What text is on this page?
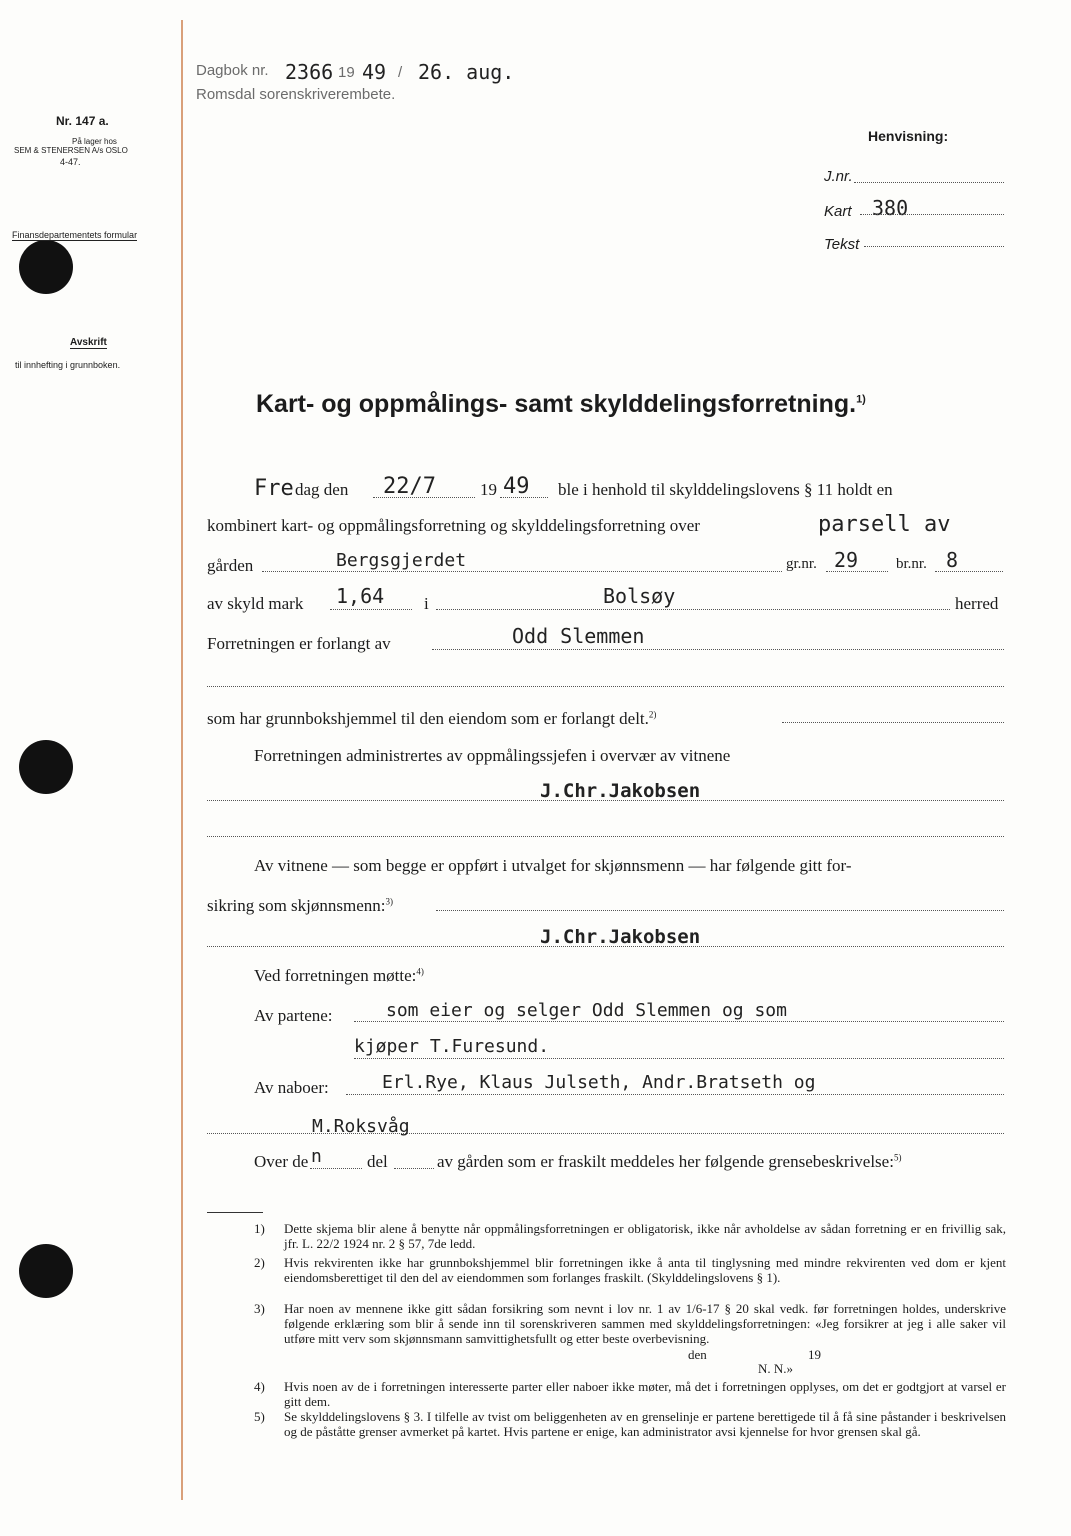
Nr. 147 a.
På lager hos
SEM & STENERSEN A/s OSLO
4-47.
Finansdepartementets formular
Avskrift
til innhefting i grunnboken.
Dagbok nr. 2366 19 49 / 26. aug.
Romsdal sorenskriverembete.
Henvisning:
J.nr.
Kart 380
Tekst
Kart- og oppmålings- samt skylddelingsforretning.$^{1)}$
Fre dag den 22/7	19 49 ble i henhold til skylddelingslovens § 11 holdt en
kombinert kart- og oppmålingsforretning og skylddelingsforretning over	parsell av
gården	Bergsgjerdet	gr.nr. 29	br.nr. 8
av skyld mark 1,64 i	Bolsøy	herred
Forretningen er forlangt av	Odd Slemmen
som har grunnbokshjemmel til den eiendom som er forlangt delt.$^{2)}$
Forretningen administrertes av oppmålingssjefen i overvær av vitnene
J.Chr.Jakobsen
Av vitnene — som begge er oppført i utvalget for skjønnsmenn — har følgende gitt for-
sikring som skjønnsmenn:$^{3)}$
J.Chr.Jakobsen
Ved forretningen møtte:$^{4)}$
Av partene:	som eier og selger Odd Slemmen og som
kjøper T.Furesund.
Av naboer:	Erl.Rye, Klaus Julseth, Andr.Bratseth og
M.Roksvåg
Over de n	del	av gården som er fraskilt meddeles her følgende grensebeskrivelse:$^{5)}$
1) Dette skjema blir alene å benytte når oppmålingsforretningen er obligatorisk, ikke når avholdelse av sådan forretning er en frivillig sak, jfr. L. 22/2 1924 nr. 2 § 57, 7de ledd.
2) Hvis rekvirenten ikke har grunnbokshjemmel blir forretningen ikke å anta til tinglysning med mindre rekvirenten ved dom er kjent eiendomsberettiget til den del av eiendommen som forlanges fraskilt. (Skylddelingslovens § 1).
3) Har noen av mennene ikke gitt sådan forsikring som nevnt i lov nr. 1 av 1/6-17 § 20 skal vedk. før forretningen holdes, underskrive følgende erklæring som blir å sende inn til sorenskriveren sammen med skylddelingsforretningen: «Jeg forsikrer at jeg i alle saker vil utføre mitt verv som skjønnsmann samvittighetsfullt og etter beste overbevisning.
den	19
N. N.»
4) Hvis noen av de i forretningen interesserte parter eller naboer ikke møter, må det i forretningen opplyses, om det er godtgjort at varsel er gitt dem.
5) Se skylddelingslovens § 3. I tilfelle av tvist om beliggenheten av en grenselinje er partene berettigede til å få sine påstander i beskrivelsen og de påståtte grenser avmerket på kartet. Hvis partene er enige, kan administrator avsi kjennelse for hvor grensen skal gå.
